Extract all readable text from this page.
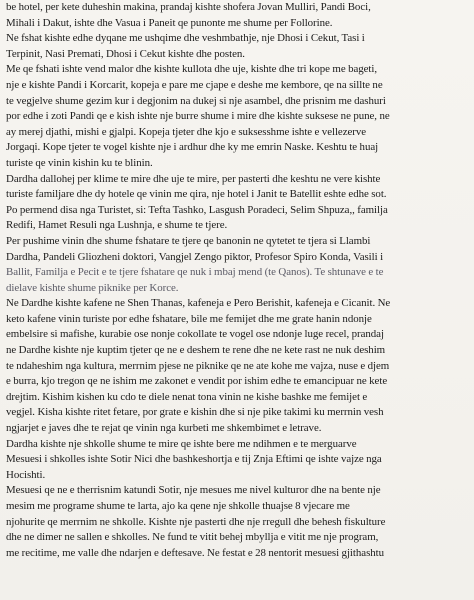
be hotel, per kete duheshin makina, prandaj kishte shofera Jovan Mulliri, Pandi Boci,
Mihali i Dakut, ishte dhe Vasua i Paneit qe punonte me shume per Follorine.
Ne fshat kishte edhe dyqane me ushqime dhe veshmbathje, nje Dhosi i Cekut, Tasi i
Terpinit, Nasi Premati, Dhosi i Cekut kishte dhe posten.
Me qe fshati ishte vend malor dhe kishte kullota dhe uje, kishte dhe tri kope me bageti,
nje e kishte Pandi i Korcarit, kopeja e pare me cjape e deshe me kembore, qe na sillte ne
te vegjelve shume gezim kur i degjonim na dukej si nje asambel, dhe prisnim me dashuri
por edhe i zoti Pandi qe e kish ishte nje burre shume i mire dhe kishte suksese ne pune, ne
ay merej djathi, mishi e gjalpi. Kopeja tjeter dhe kjo e suksesshme ishte e vellezerve
Jorgaqi. Kope tjeter te vogel kishte nje i ardhur dhe ky me emrin Naske. Keshtu te huaj
turiste qe vinin kishin ku te blinin.
Dardha dallohej per klime te mire dhe uje te mire, per pasterti dhe keshtu ne vere kishte
turiste familjare dhe dy hotele qe vinin me qira, nje hotel i Janit te Batellit eshte edhe sot.
Po permend disa nga Turistet, si: Tefta Tashko, Lasgush Poradeci, Selim Shpuza,, familja
Redifi, Hamet Resuli nga Lushnja, e shume te tjere.
Per pushime vinin dhe shume fshatare te tjere qe banonin ne qytetet te tjera si Llambi
Dardha, Pandeli Gliozheni doktori, Vangjel Zengo piktor, Profesor Spiro Konda, Vasili i
Ballit, Familja e Pecit e te tjere fshatare qe nuk i mbaj mend (te Qanos). Te shtunave e te
dielave kishte shume piknike per Korce.
Ne Dardhe kishte kafene ne Shen Thanas, kafeneja e Pero Berishit, kafeneja e Cicanit. Ne
keto kafene vinin turiste por edhe fshatare, bile me femijet dhe me grate hanin ndonje
embelsire si mafishe, kurabie ose nonje cokollate te vogel ose ndonje luge recel, prandaj
ne Dardhe kishte nje kuptim tjeter qe ne e deshem te rene dhe ne kete rast ne nuk deshim
te ndaheshim nga kultura, merrnim pjese ne piknike qe ne ate kohe me vajza, nuse e djem
e burra, kjo tregon qe ne ishim me zakonet e vendit por ishim edhe te emancipuar ne kete
drejtim. Kishim kishen ku cdo te diele nenat tona vinin ne kishe bashke me femijet e
vegjel. Kisha kishte ritet fetare, por grate e kishin dhe si nje pike takimi ku merrnin vesh
ngjarjet e javes dhe te rejat qe vinin nga kurbeti me shkembimet e letrave.
Dardha kishte nje shkolle shume te mire qe ishte bere me ndihmen e te merguarve
Mesuesi i shkolles ishte Sotir Nici dhe bashkeshortja e tij Znja Eftimi qe ishte vajze nga
Hocishti.
Mesuesi qe ne e therrisnim katundi Sotir, nje mesues me nivel kulturor dhe na bente nje
mesim me programe shume te larta, ajo ka qene nje shkolle thuajse 8 vjecare me
njohurite qe merrnim ne shkolle. Kishte nje pasterti dhe nje rregull dhe behesh fiskulture
dhe ne dimer ne sallen e shkolles. Ne fund te vitit behej mbyllja e vitit me nje program,
me recitime, me valle dhe ndarjen e deftesave. Ne festat e 28 nentorit mesuesi gjithashtu
